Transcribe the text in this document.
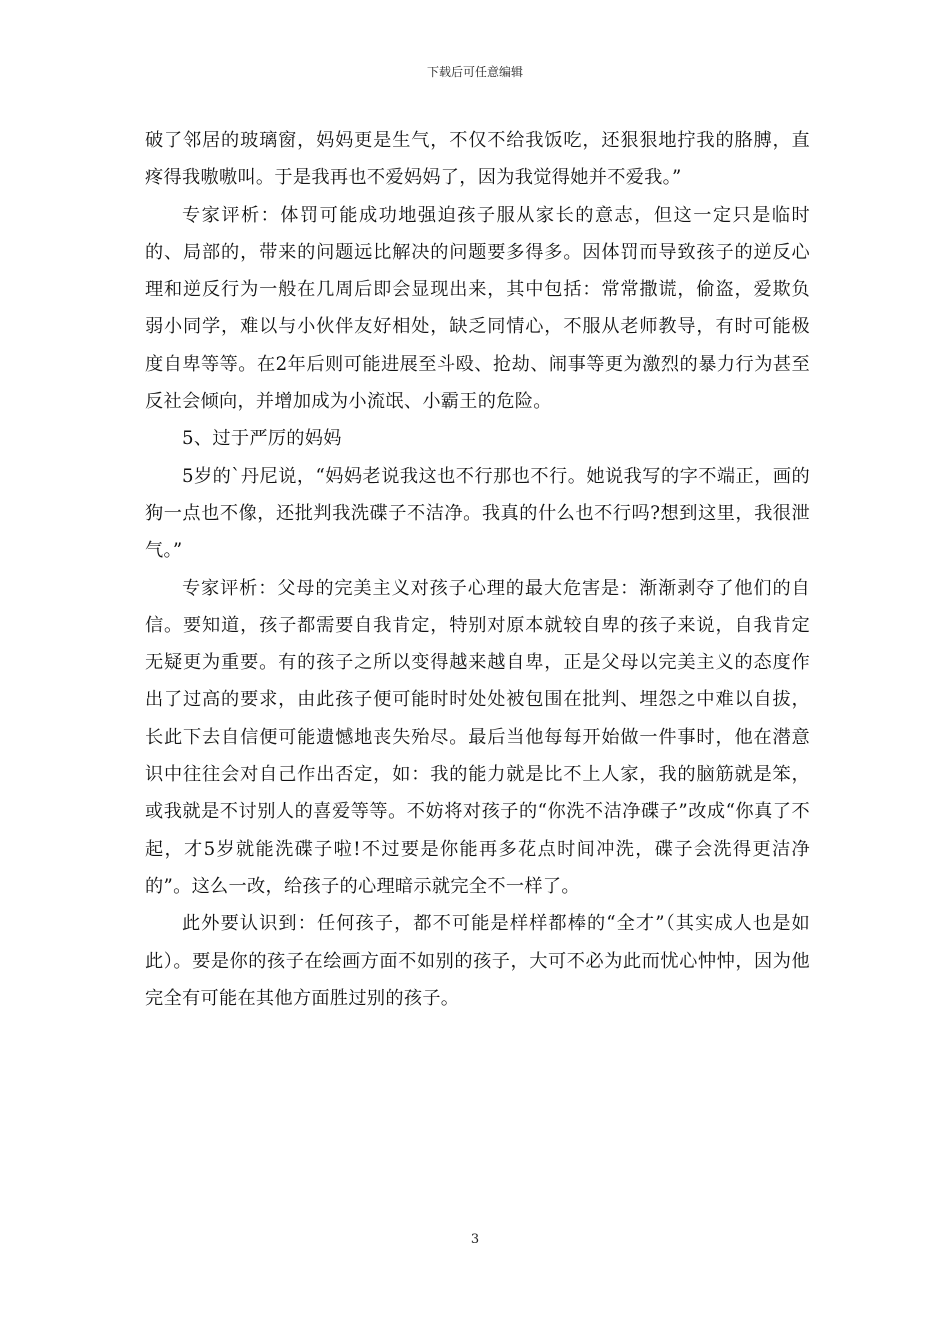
下载后可任意编辑

破了邻居的玻璃窗，妈妈更是生气，不仅不给我饭吃，还狠狠地拧我的胳膊，直疼得我嗷嗷叫。于是我再也不爱妈妈了，因为我觉得她并不爱我。”

专家评析：体罚可能成功地强迫孩子服从家长的意志，但这一定只是临时的、局部的，带来的问题远比解决的问题要多得多。因体罚而导致孩子的逆反心理和逆反行为一般在几周后即会显现出来，其中包括：常常撒谎，偷盗，爱欺负弱小同学，难以与小伙伴友好相处，缺乏同情心，不服从老师教导，有时可能极度自卑等等。在2年后则可能进展至斗殴、抢劫、闹事等更为激烈的暴力行为甚至反社会倾向，并增加成为小流氓、小霸王的危险。

5、过于严厉的妈妈

5岁的`丹尼说，“妈妈老说我这也不行那也不行。她说我写的字不端正，画的狗一点也不像，还批判我洗碟子不洁净。我真的什么也不行吗?想到这里，我很泄气。”

专家评析：父母的完美主义对孩子心理的最大危害是：渐渐剥夺了他们的自信。要知道，孩子都需要自我肯定，特别对原本就较自卑的孩子来说，自我肯定无疑更为重要。有的孩子之所以变得越来越自卑，正是父母以完美主义的态度作出了过高的要求，由此孩子便可能时时处处被包围在批判、埋怨之中难以自拔，长此下去自信便可能遗憾地丧失殆尽。最后当他每每开始做一件事时，他在潜意识中往往会对自己作出否定，如：我的能力就是比不上人家，我的脑筋就是笨，或我就是不讨别人的喜爱等等。不妨将对孩子的“你洗不洁净碟子”改成“你真了不起，才5岁就能洗碟子啦!不过要是你能再多花点时间冲洗，碟子会洗得更洁净的”。这么一改，给孩子的心理暗示就完全不一样了。

此外要认识到：任何孩子，都不可能是样样都棒的“全才”（其实成人也是如此）。要是你的孩子在绘画方面不如别的孩子，大可不必为此而忧心忡忡，因为他完全有可能在其他方面胜过别的孩子。

3
